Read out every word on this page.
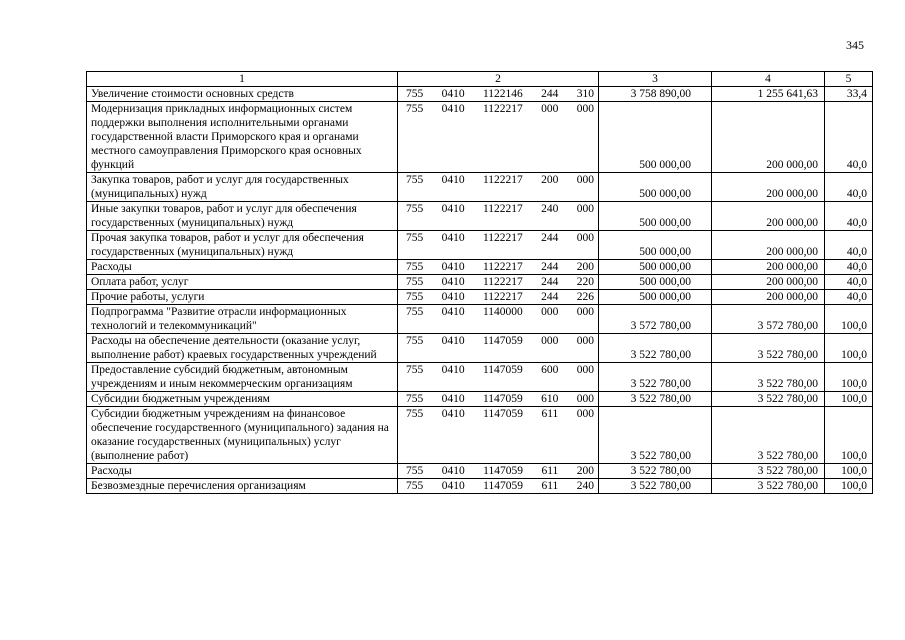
345
1	2	3	4	5
Увеличение стоимости основных средств	755 0410 1122146 244 310	3 758 890,00	1 255 641,63	33,4
Модернизация прикладных информационных систем поддержки выполнения исполнительными органами государственной власти Приморского края и органами местного самоуправления Приморского края основных функций	755 0410 1122217 000 000	500 000,00	200 000,00	40,0
Закупка товаров, работ и услуг для государственных (муниципальных) нужд	755 0410 1122217 200 000	500 000,00	200 000,00	40,0
Иные закупки товаров, работ и услуг для обеспечения государственных (муниципальных) нужд	755 0410 1122217 240 000	500 000,00	200 000,00	40,0
Прочая закупка товаров, работ и услуг для обеспечения государственных (муниципальных) нужд	755 0410 1122217 244 000	500 000,00	200 000,00	40,0
Расходы	755 0410 1122217 244 200	500 000,00	200 000,00	40,0
Оплата работ, услуг	755 0410 1122217 244 220	500 000,00	200 000,00	40,0
Прочие работы, услуги	755 0410 1122217 244 226	500 000,00	200 000,00	40,0
Подпрограмма "Развитие отрасли информационных технологий и телекоммуникаций"	755 0410 1140000 000 000	3 572 780,00	3 572 780,00	100,0
Расходы на обеспечение деятельности (оказание услуг, выполнение работ) краевых государственных учреждений	755 0410 1147059 000 000	3 522 780,00	3 522 780,00	100,0
Предоставление субсидий бюджетным, автономным учреждениям и иным некоммерческим организациям	755 0410 1147059 600 000	3 522 780,00	3 522 780,00	100,0
Субсидии бюджетным учреждениям	755 0410 1147059 610 000	3 522 780,00	3 522 780,00	100,0
Субсидии бюджетным учреждениям на финансовое обеспечение государственного (муниципального) задания на оказание государственных (муниципальных) услуг (выполнение работ)	755 0410 1147059 611 000	3 522 780,00	3 522 780,00	100,0
Расходы	755 0410 1147059 611 200	3 522 780,00	3 522 780,00	100,0
Безвозмездные перечисления организациям	755 0410 1147059 611 240	3 522 780,00	3 522 780,00	100,0
